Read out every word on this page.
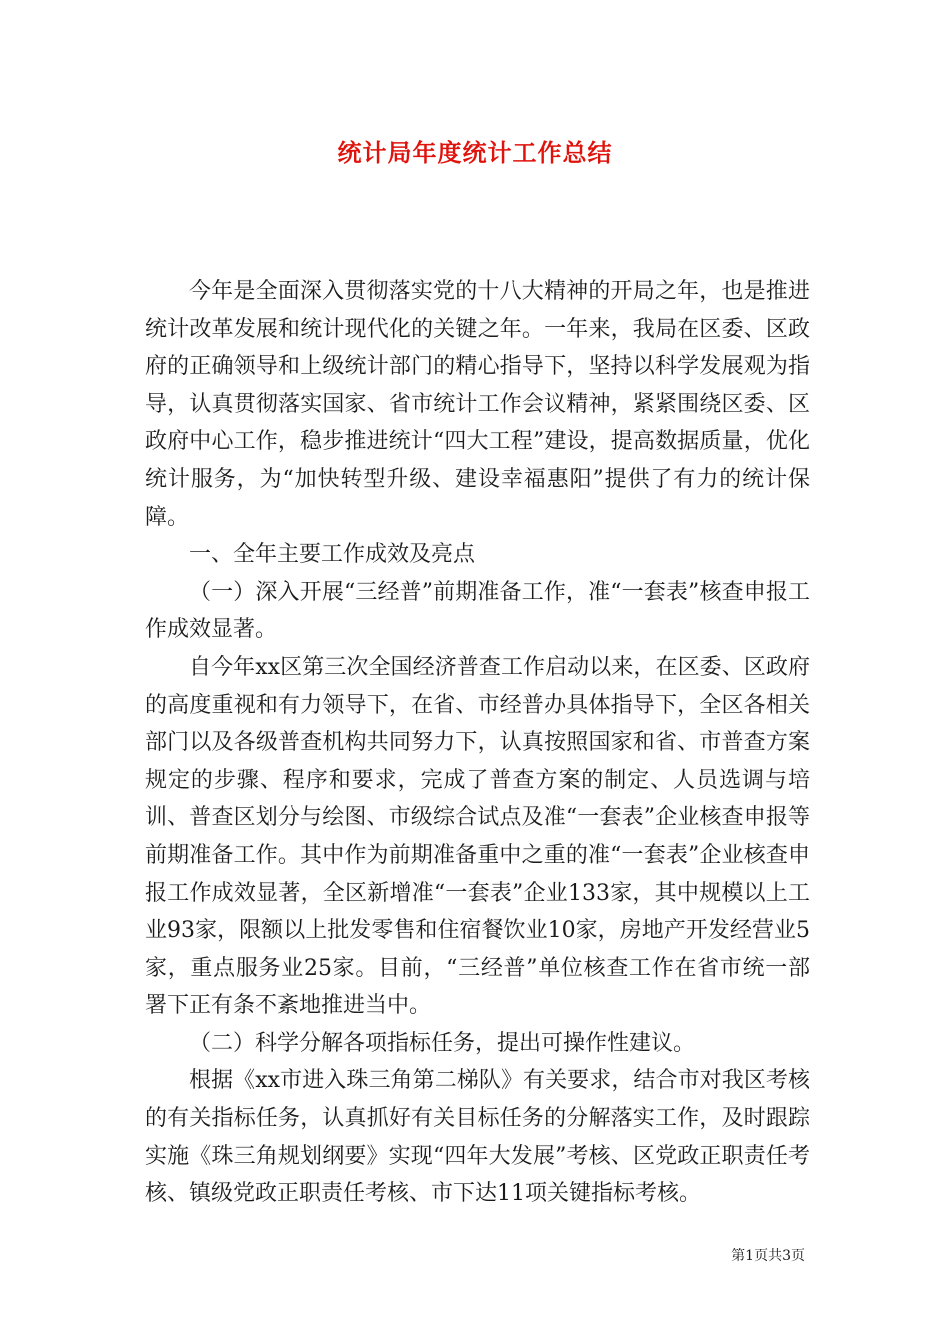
统计局年度统计工作总结

今年是全面深入贯彻落实党的十八大精神的开局之年，也是推进统计改革发展和统计现代化的关键之年。一年来，我局在区委、区政府的正确领导和上级统计部门的精心指导下，坚持以科学发展观为指导，认真贯彻落实国家、省市统计工作会议精神，紧紧围绕区委、区政府中心工作，稳步推进统计“四大工程”建设，提高数据质量，优化统计服务，为“加快转型升级、建设幸福惠阳”提供了有力的统计保障。

一、全年主要工作成效及亮点

（一）深入开展“三经普”前期准备工作，准“一套表”核查申报工作成效显著。

自今年xx区第三次全国经济普查工作启动以来，在区委、区政府的高度重视和有力领导下，在省、市经普办具体指导下，全区各相关部门以及各级普查机构共同努力下，认真按照国家和省、市普查方案规定的步骤、程序和要求，完成了普查方案的制定、人员选调与培训、普查区划分与绘图、市级综合试点及准“一套表”企业核查申报等前期准备工作。其中作为前期准备重中之重的准“一套表”企业核查申报工作成效显著，全区新增准“一套表”企业133家，其中规模以上工业93家，限额以上批发零售和住宿餐饮业10家，房地产开发经营业5家，重点服务业25家。目前，“三经普”单位核查工作在省市统一部署下正有条不紊地推进当中。

（二）科学分解各项指标任务，提出可操作性建议。

根据《xx市进入珠三角第二梯队》有关要求，结合市对我区考核的有关指标任务，认真抓好有关目标任务的分解落实工作，及时跟踪实施《珠三角规划纲要》实现“四年大发展”考核、区党政正职责任考核、镇级党政正职责任考核、市下达11项关键指标考核。

第1页共3页
